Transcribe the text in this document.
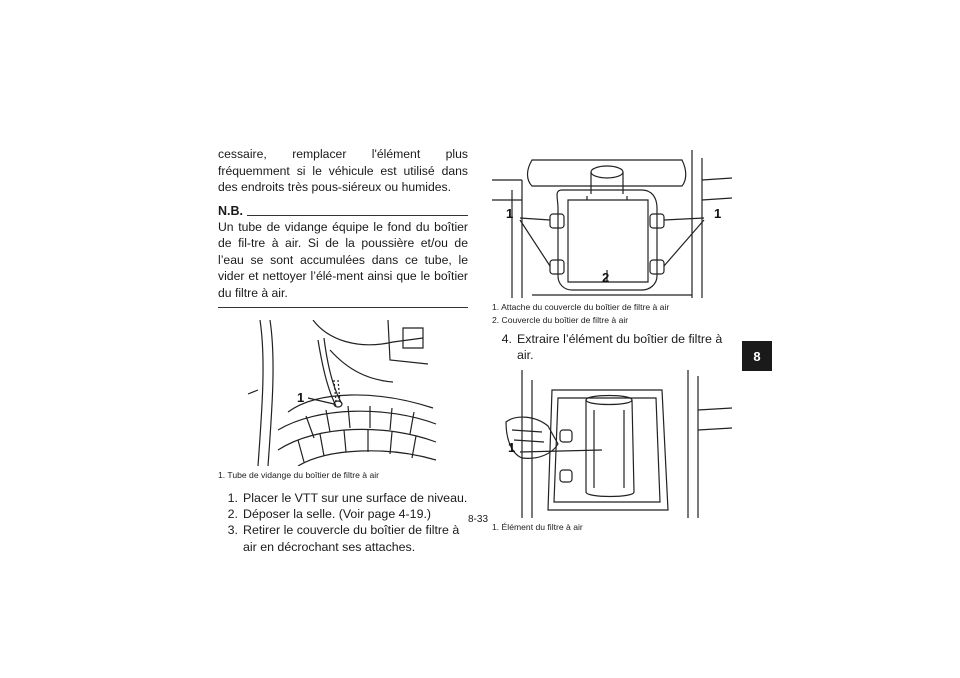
cessaire, remplacer l'élément plus fréquemment si le véhicule est utilisé dans des endroits très pous-siéreux ou humides.

N.B.

Un tube de vidange équipe le fond du boîtier de fil-tre à air. Si de la poussière et/ou de l’eau se sont accumulées dans ce tube, le vider et nettoyer l’élé-ment ainsi que le boîtier du filtre à air.

1

1. Tube de vidange du boîtier de filtre à air

1. Placer le VTT sur une surface de niveau.
2. Déposer la selle. (Voir page 4-19.)
3. Retirer le couvercle du boîtier de filtre à air en décrochant ses attaches.
1	1
2

1. Attache du couvercle du boîtier de filtre à air

2. Couvercle du boîtier de filtre à air

4. Extraire l’élément du boîtier de filtre à air.
1

1. Élément du filtre à air

8-33
8
